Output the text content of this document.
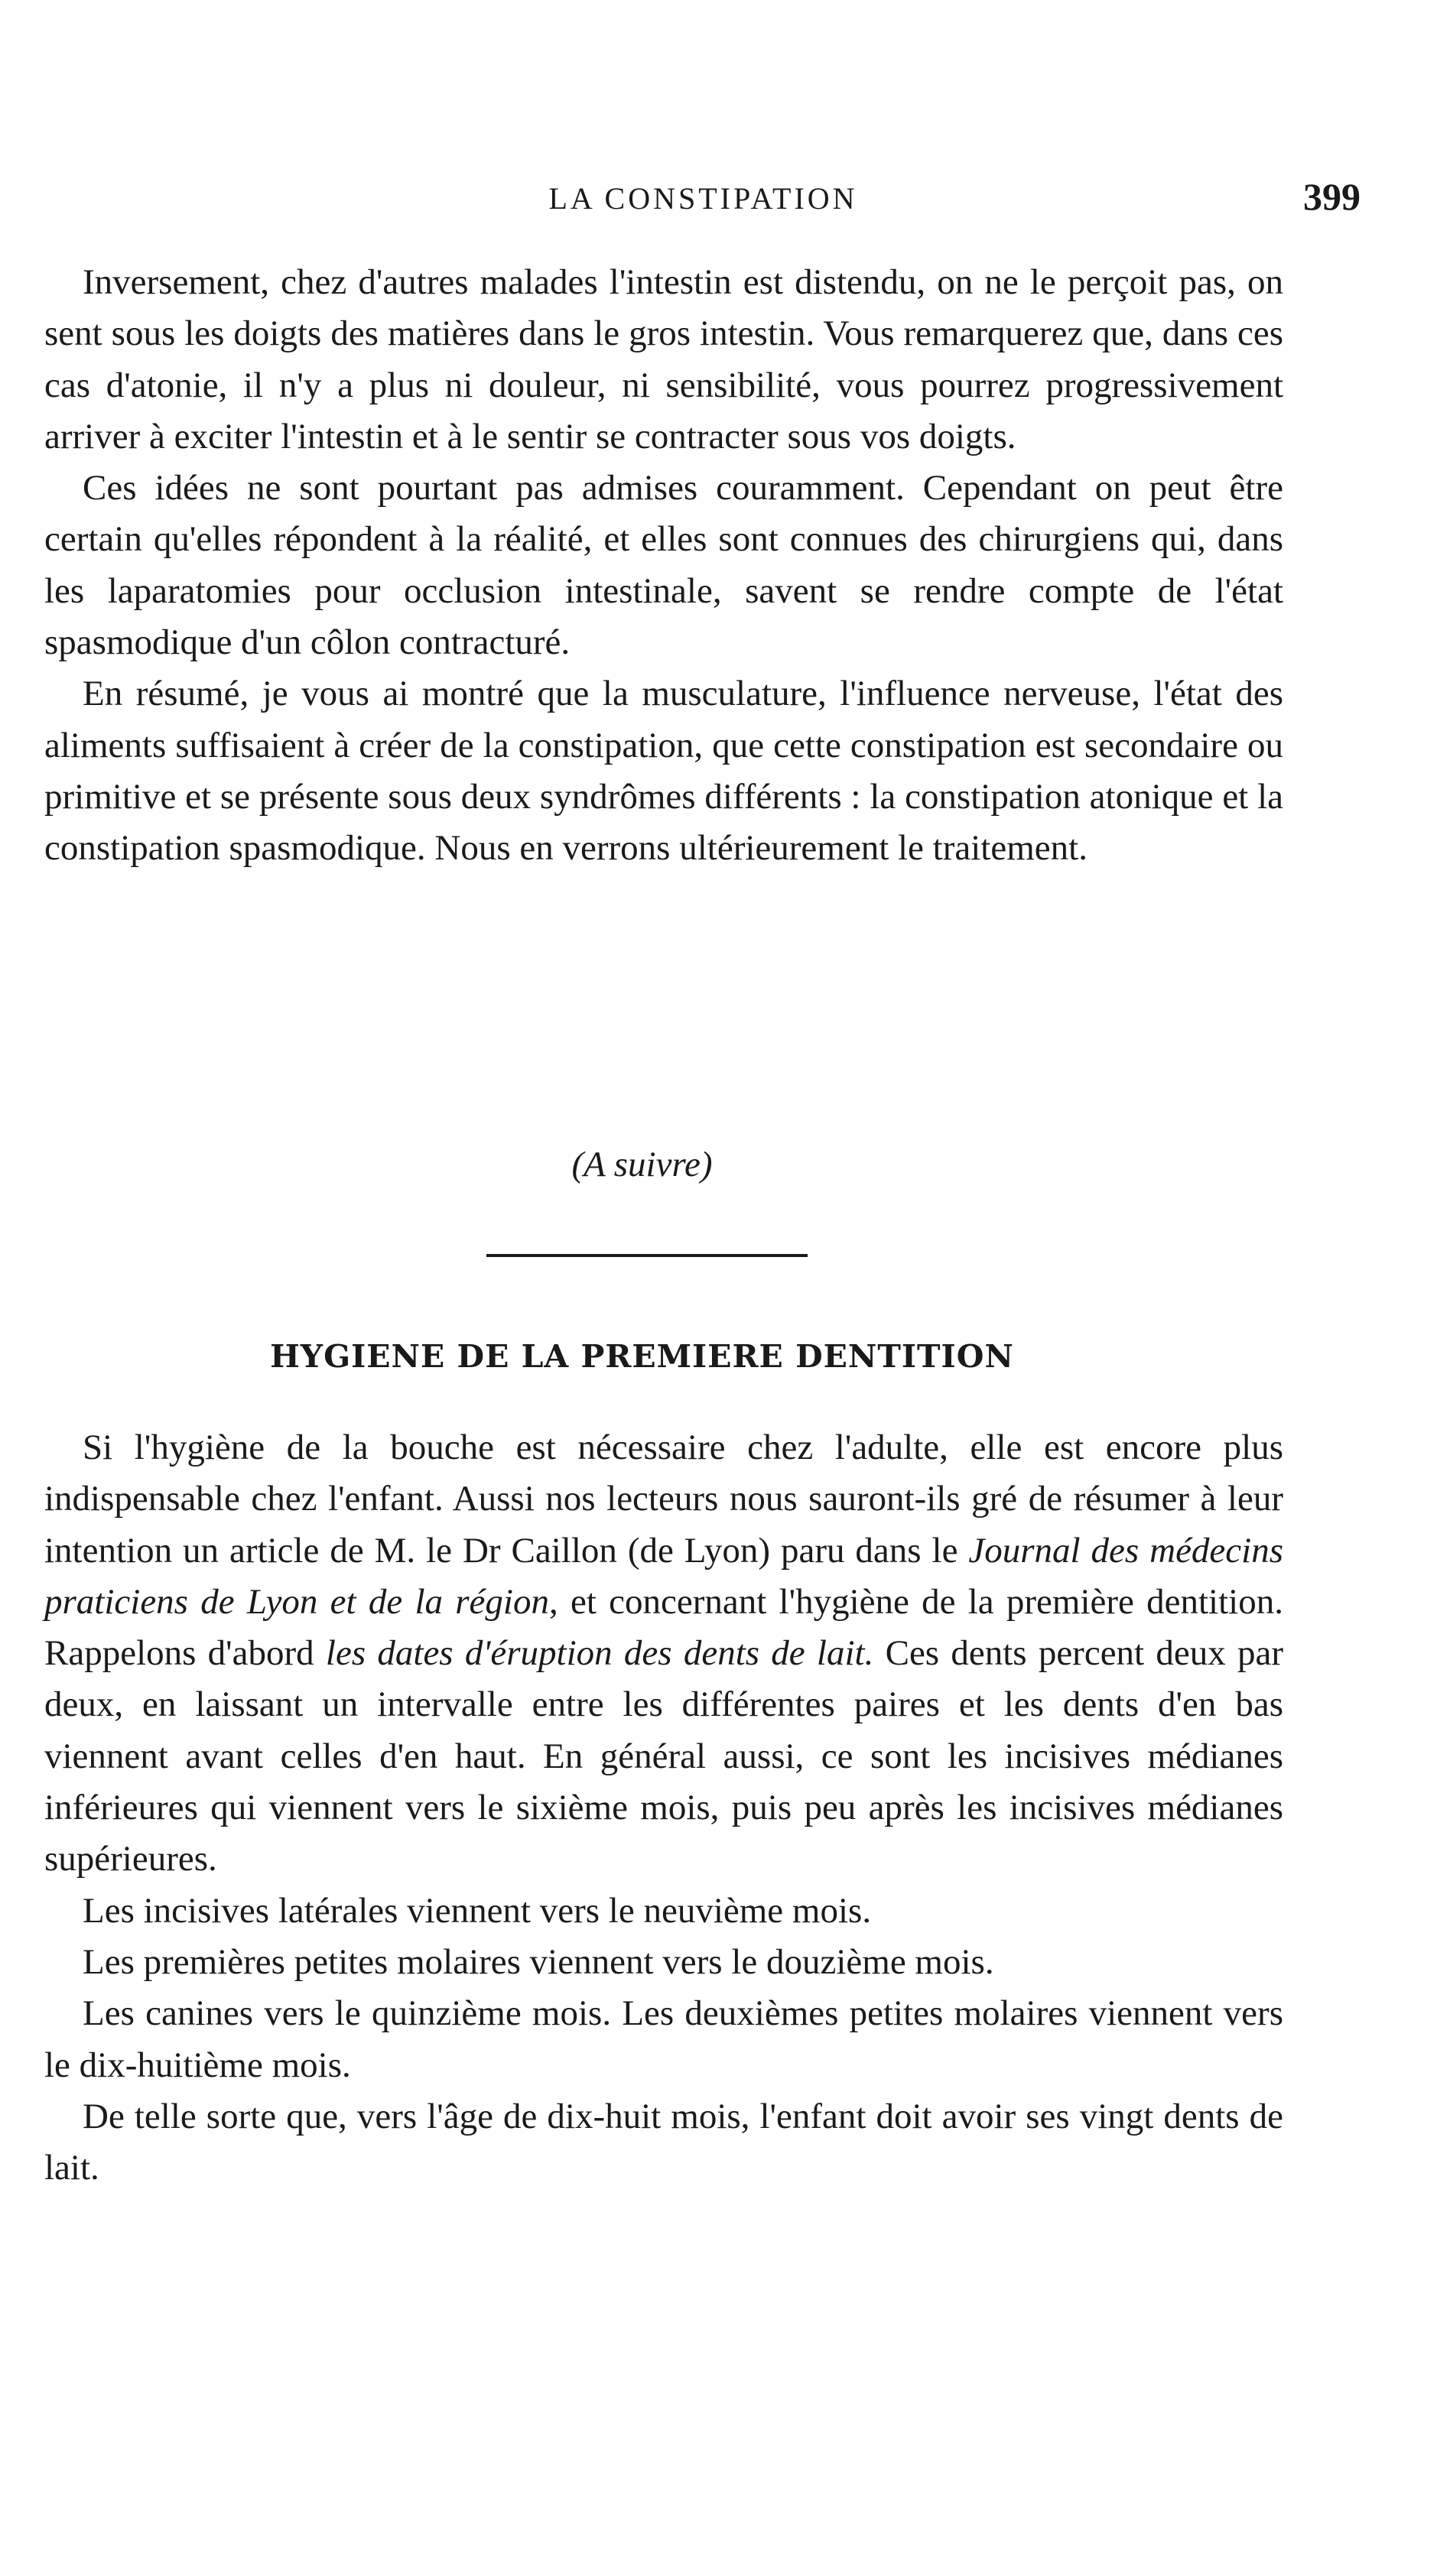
LA CONSTIPATION	399

Inversement, chez d'autres malades l'intestin est distendu, on ne le perçoit pas, on sent sous les doigts des matières dans le gros intestin. Vous remarquerez que, dans ces cas d'atonie, il n'y a plus ni douleur, ni sensibilité, vous pourrez progressivement arriver à exciter l'intestin et à le sentir se contracter sous vos doigts.

Ces idées ne sont pourtant pas admises couramment. Cependant on peut être certain qu'elles répondent à la réalité, et elles sont connues des chirurgiens qui, dans les laparatomies pour occlusion intestinale, savent se rendre compte de l'état spasmodique d'un côlon contracturé.

En résumé, je vous ai montré que la musculature, l'influence nerveuse, l'état des aliments suffisaient à créer de la constipation, que cette constipation est secondaire ou primitive et se présente sous deux syndrômes différents : la constipation atonique et la constipation spasmodique. Nous en verrons ultérieurement le traitement.

(A suivre)
HYGIENE DE LA PREMIERE DENTITION

Si l'hygiène de la bouche est nécessaire chez l'adulte, elle est encore plus indispensable chez l'enfant. Aussi nos lecteurs nous sauront-ils gré de résumer à leur intention un article de M. le Dr Caillon (de Lyon) paru dans le Journal des médecins praticiens de Lyon et de la région, et concernant l'hygiène de la première dentition. Rappelons d'abord les dates d'éruption des dents de lait. Ces dents percent deux par deux, en laissant un intervalle entre les différentes paires et les dents d'en bas viennent avant celles d'en haut. En général aussi, ce sont les incisives médianes inférieures qui viennent vers le sixième mois, puis peu après les incisives médianes supérieures.

Les incisives latérales viennent vers le neuvième mois.

Les premières petites molaires viennent vers le douzième mois.

Les canines vers le quinzième mois. Les deuxièmes petites molaires viennent vers le dix-huitième mois.

De telle sorte que, vers l'âge de dix-huit mois, l'enfant doit avoir ses vingt dents de lait.
